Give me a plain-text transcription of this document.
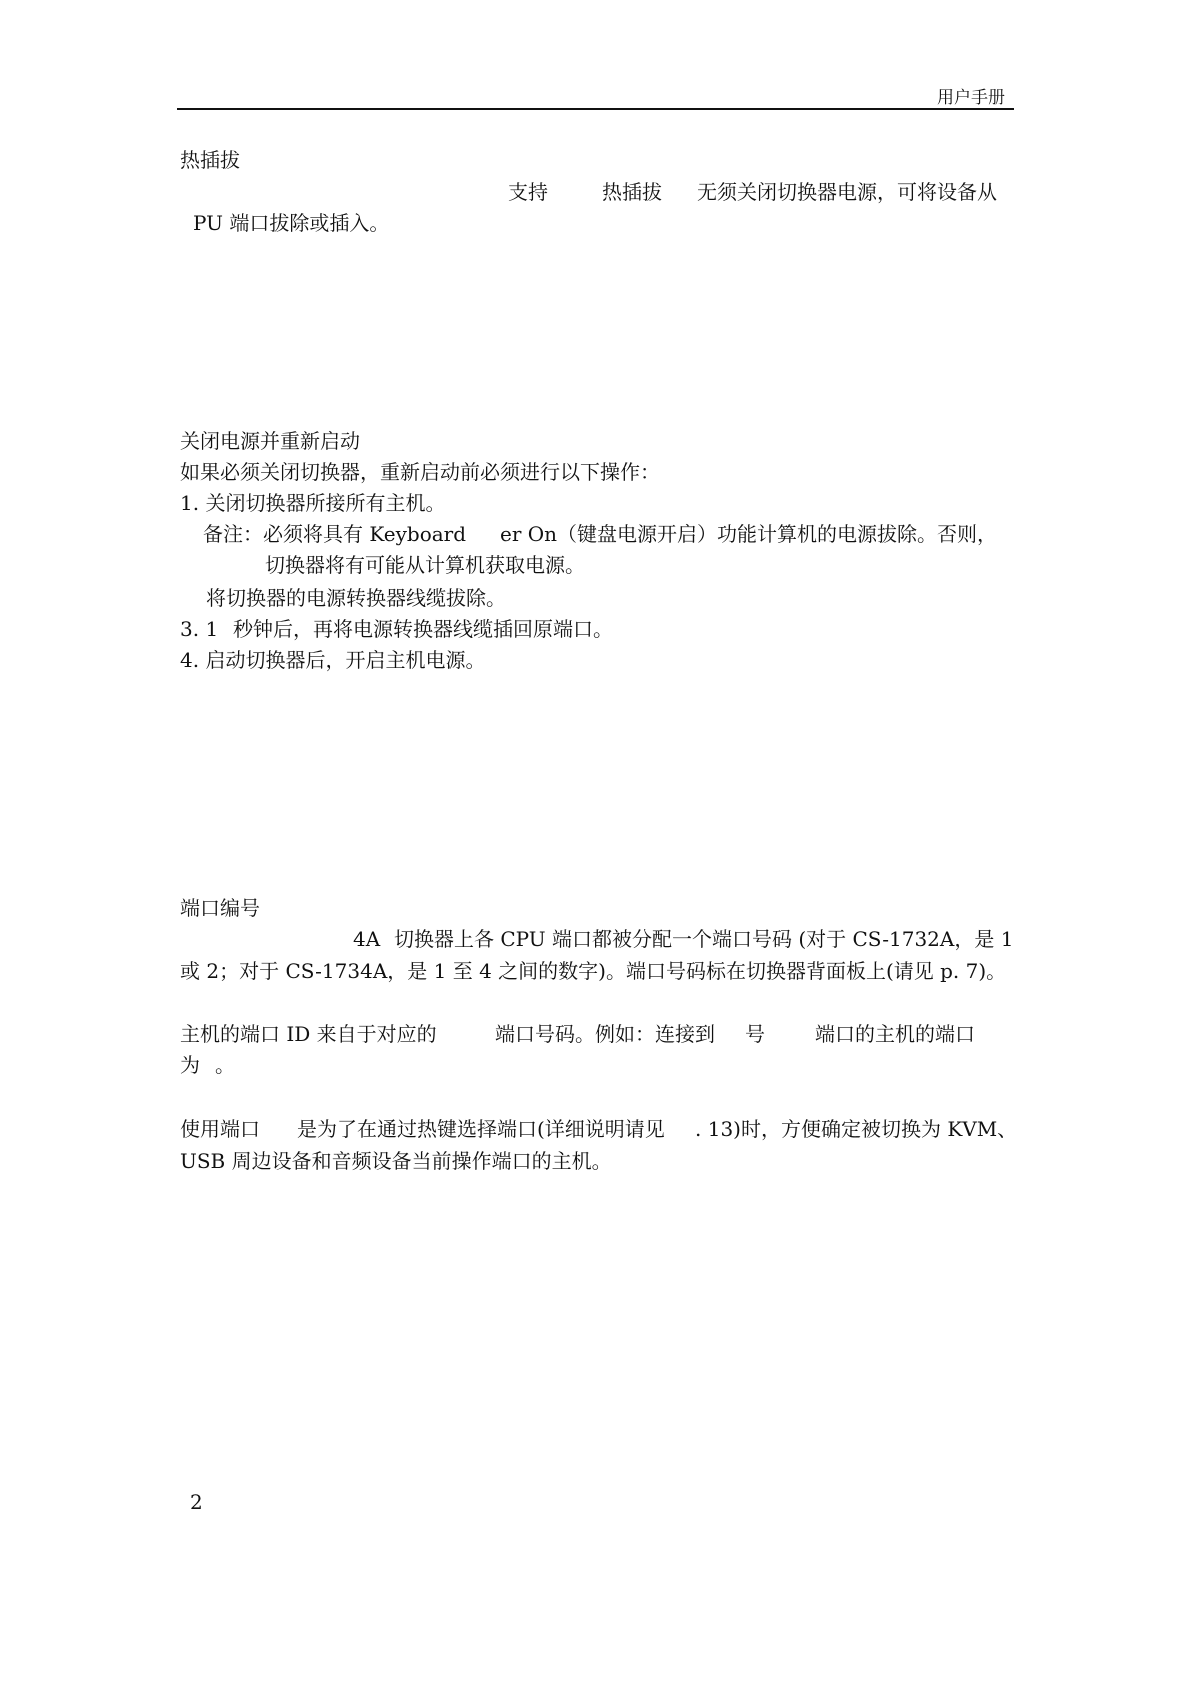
用户手册
热插拔
支持	热插拔 无须关闭切换器电源，可将设备从
PU 端口拔除或插入。
关闭电源并重新启动
如果必须关闭切换器，重新启动前必须进行以下操作：
1. 关闭切换器所接所有主机。
备注：必须将具有 Keyboard er On（键盘电源开启）功能计算机的电源拔除。否则，
切换器将有可能从计算机获取电源。
将切换器的电源转换器线缆拔除。
3. 1 秒钟后，再将电源转换器线缆插回原端口。
4. 启动切换器后，开启主机电源。
端口编号
4A 切换器上各 CPU 端口都被分配一个端口号码 (对于 CS-1732A，是 1
或 2；对于 CS-1734A，是 1 至 4 之间的数字)。端口号码标在切换器背面板上(请见 p. 7)。
主机的端口 ID 来自于对应的	端口号码。例如：连接到 号	端口的主机的端口
为 。
使用端口 是为了在通过热键选择端口(详细说明请见 . 13)时，方便确定被切换为 KVM、
USB 周边设备和音频设备当前操作端口的主机。
2
